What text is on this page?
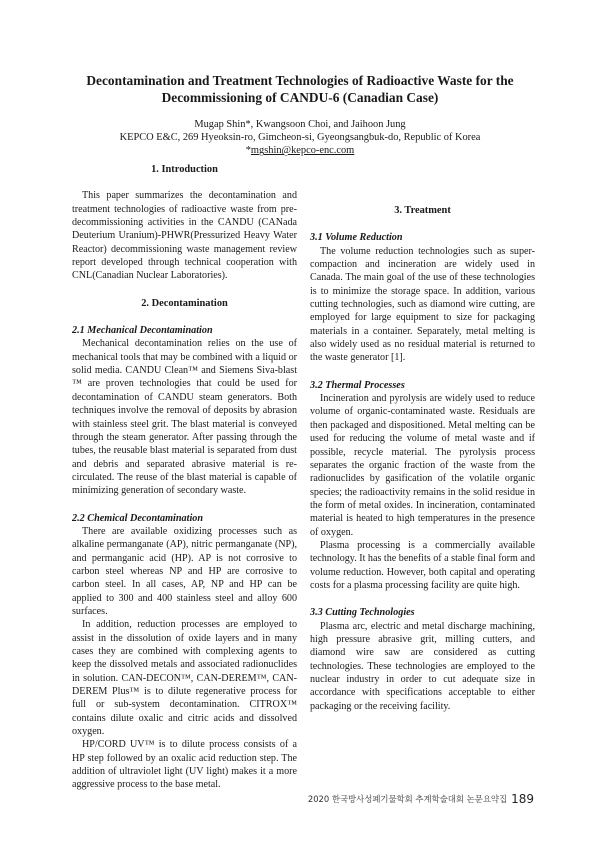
Decontamination and Treatment Technologies of Radioactive Waste for the
Decommissioning of CANDU-6 (Canadian Case)
Mugap Shin*, Kwangsoon Choi, and Jaihoon Jung
KEPCO E&C, 269 Hyeoksin-ro, Gimcheon-si, Gyeongsangbuk-do, Republic of Korea
*mgshin@kepco-enc.com
1. Introduction

This paper summarizes the decontamination and treatment technologies of radioactive waste from pre-decommissioning activities in the CANDU (CANada Deuterium Uranium)-PHWR(Pressurized Heavy Water Reactor) decommissioning waste management review report developed through technical cooperation with CNL(Canadian Nuclear Laboratories).

2. Decontamination
2.1 Mechanical Decontamination

Mechanical decontamination relies on the use of mechanical tools that may be combined with a liquid or solid media. CANDU Clean™ and Siemens Siva-blast ™ are proven technologies that could be used for decontamination of CANDU steam generators. Both techniques involve the removal of deposits by abrasion with stainless steel grit. The blast material is conveyed through the steam generator. After passing through the tubes, the reusable blast material is separated from dust and debris and separated abrasive material is re-circulated. The reuse of the blast material is capable of minimizing generation of secondary waste.

2.2 Chemical Decontamination

There are available oxidizing processes such as alkaline permanganate (AP), nitric permanganate (NP), and permanganic acid (HP). AP is not corrosive to carbon steel whereas NP and HP are corrosive to carbon steel. In all cases, AP, NP and HP can be applied to 300 and 400 stainless steel and alloy 600 surfaces.

In addition, reduction processes are employed to assist in the dissolution of oxide layers and in many cases they are combined with complexing agents to keep the dissolved metals and associated radionuclides in solution. CAN-DECON™, CAN-DEREM™, CAN-DEREM Plus™ is to dilute regenerative process for full or sub-system decontamination. CITROX™ contains dilute oxalic and citric acids and dissolved oxygen.

HP/CORD UV™ is to dilute process consists of a HP step followed by an oxalic acid reduction step. The addition of ultraviolet light (UV light) makes it a more aggressive process to the base metal.

3. Treatment
3.1 Volume Reduction

The volume reduction technologies such as super-compaction and incineration are widely used in Canada. The main goal of the use of these technologies is to minimize the storage space. In addition, various cutting technologies, such as diamond wire cutting, are employed for large equipment to size for packaging materials in a container. Separately, metal melting is also widely used as no residual material is returned to the waste generator [1].

3.2 Thermal Processes

Incineration and pyrolysis are widely used to reduce volume of organic-contaminated waste. Residuals are then packaged and dispositioned. Metal melting can be used for reducing the volume of metal waste and if possible, recycle material. The pyrolysis process separates the organic fraction of the waste from the radionuclides by gasification of the volatile organic species; the radioactivity remains in the solid residue in the form of metal oxides. In incineration, contaminated material is heated to high temperatures in the presence of oxygen.

Plasma processing is a commercially available technology. It has the benefits of a stable final form and volume reduction. However, both capital and operating costs for a plasma processing facility are quite high.

3.3 Cutting Technologies

Plasma arc, electric and metal discharge machining, high pressure abrasive grit, milling cutters, and diamond wire saw are considered as cutting technologies. These technologies are employed to the nuclear industry in order to cut adequate size in accordance with specifications acceptable to either packaging or the receiving facility.

2020 한국방사성폐기물학회 추계학술대회 논문요약집 189
